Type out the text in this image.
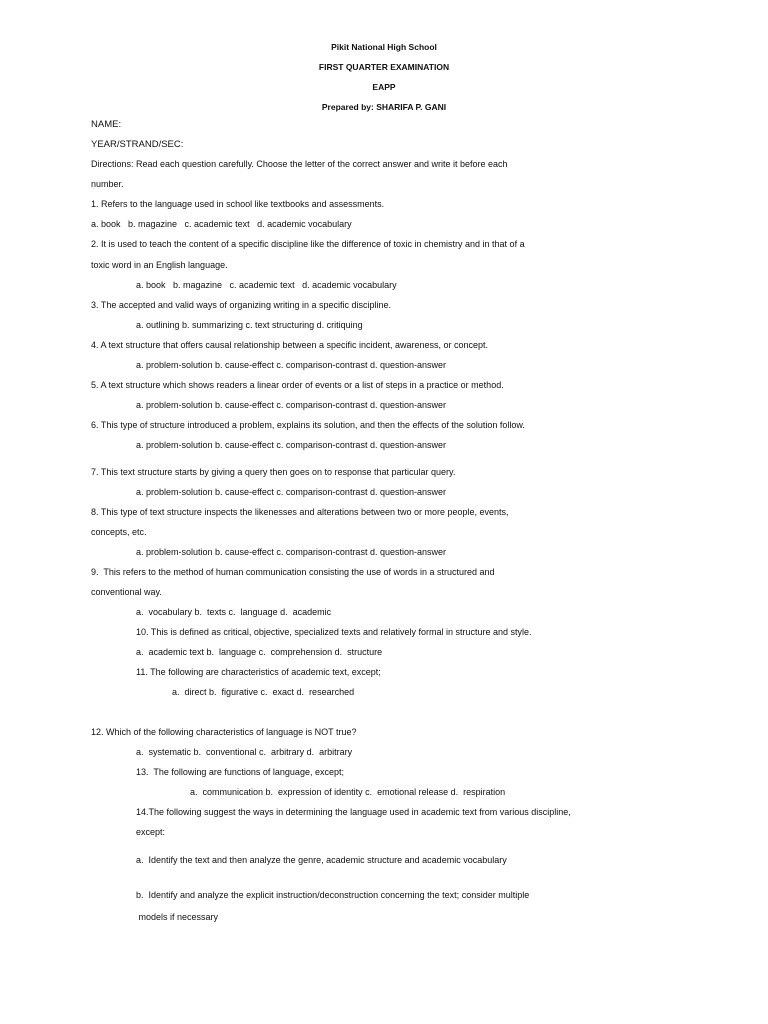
Pikit National High School
FIRST QUARTER EXAMINATION
EAPP
Prepared by: SHARIFA P. GANI
NAME:
YEAR/STRAND/SEC:
Directions: Read each question carefully. Choose the letter of the correct answer and write it before each
number.
1. Refers to the language used in school like textbooks and assessments.
a. book   b. magazine   c. academic text   d. academic vocabulary
2. It is used to teach the content of a specific discipline like the difference of toxic in chemistry and in that of a
toxic word in an English language.
a. book   b. magazine   c. academic text   d. academic vocabulary
3. The accepted and valid ways of organizing writing in a specific discipline.
a. outlining b. summarizing c. text structuring d. critiquing
4. A text structure that offers causal relationship between a specific incident, awareness, or concept.
a. problem-solution b. cause-effect c. comparison-contrast d. question-answer
5. A text structure which shows readers a linear order of events or a list of steps in a practice or method.
a. problem-solution b. cause-effect c. comparison-contrast d. question-answer
6. This type of structure introduced a problem, explains its solution, and then the effects of the solution follow.
a. problem-solution b. cause-effect c. comparison-contrast d. question-answer
7. This text structure starts by giving a query then goes on to response that particular query.
a. problem-solution b. cause-effect c. comparison-contrast d. question-answer
8. This type of text structure inspects the likenesses and alterations between two or more people, events,
concepts, etc.
a. problem-solution b. cause-effect c. comparison-contrast d. question-answer
9.  This refers to the method of human communication consisting the use of words in a structured and
conventional way.
a.  vocabulary b.  texts c.  language d.  academic
10. This is defined as critical, objective, specialized texts and relatively formal in structure and style.
a.  academic text b.  language c.  comprehension d.  structure
11. The following are characteristics of academic text, except;
a.  direct b.  figurative c.  exact d.  researched
12. Which of the following characteristics of language is NOT true?
a.  systematic b.  conventional c.  arbitrary d.  arbitrary
13.  The following are functions of language, except;
a.  communication b.  expression of identity c.  emotional release d.  respiration
14.The following suggest the ways in determining the language used in academic text from various discipline,
except:
a.  Identify the text and then analyze the genre, academic structure and academic vocabulary
b.  Identify and analyze the explicit instruction/deconstruction concerning the text; consider multiple
models if necessary
